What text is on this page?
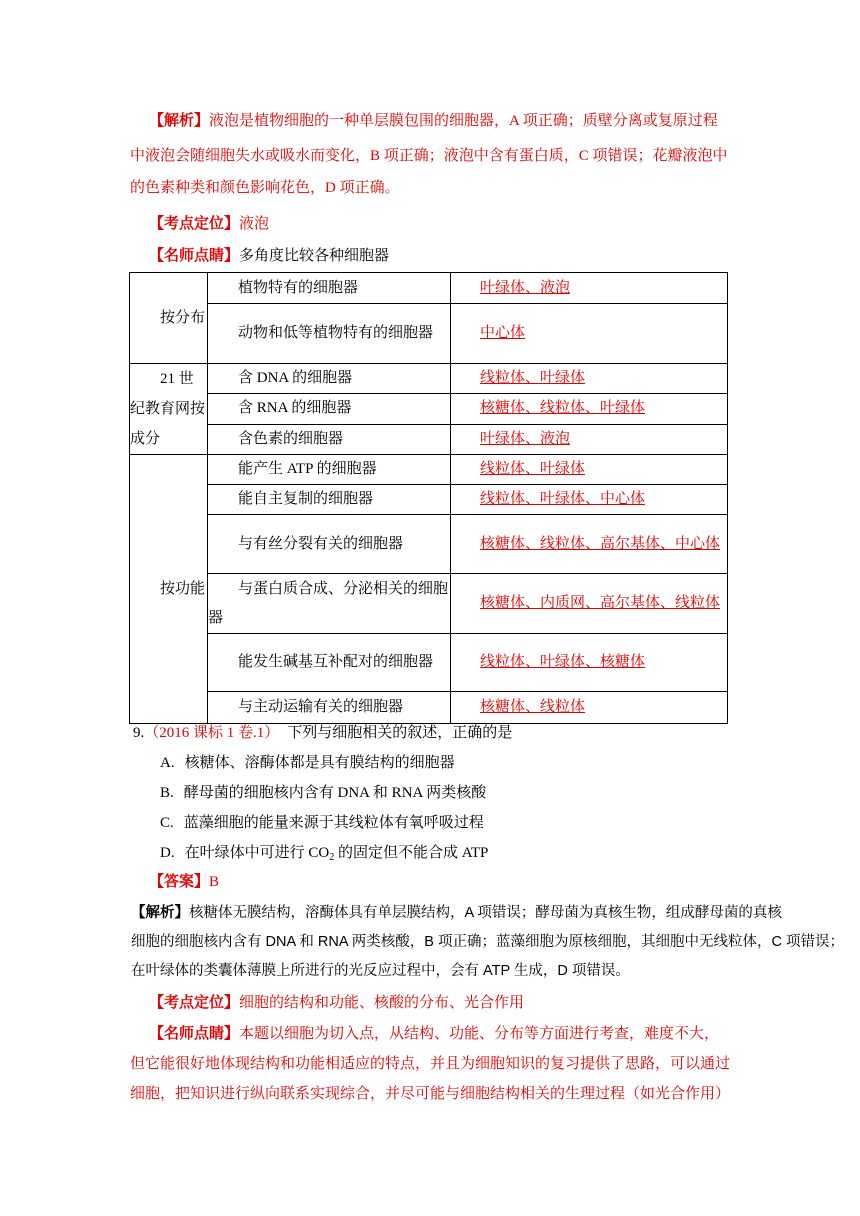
【解析】液泡是植物细胞的一种单层膜包围的细胞器，A 项正确；质壁分离或复原过程
中液泡会随细胞失水或吸水而变化，B 项正确；液泡中含有蛋白质，C 项错误；花瓣液泡中
的色素种类和颜色影响花色，D 项正确。
【考点定位】液泡
【名师点睛】多角度比较各种细胞器
按分布	植物特有的细胞器	叶绿体、液泡
	动物和低等植物特有的细胞器	中心体
21 世纪教育网按成分	含 DNA 的细胞器	线粒体、叶绿体
	含 RNA 的细胞器	核糖体、线粒体、叶绿体
	含色素的细胞器	叶绿体、液泡
按功能	能产生 ATP 的细胞器	线粒体、叶绿体
	能自主复制的细胞器	线粒体、叶绿体、中心体
	与有丝分裂有关的细胞器	核糖体、线粒体、高尔基体、中心体
	与蛋白质合成、分泌相关的细胞器	核糖体、内质网、高尔基体、线粒体
	能发生碱基互补配对的细胞器	线粒体、叶绿体、核糖体
	与主动运输有关的细胞器	核糖体、线粒体
9.（2016 课标 1 卷.1） 下列与细胞相关的叙述，正确的是
A. 核糖体、溶酶体都是具有膜结构的细胞器
B. 酵母菌的细胞核内含有 DNA 和 RNA 两类核酸
C. 蓝藻细胞的能量来源于其线粒体有氧呼吸过程
D. 在叶绿体中可进行 $CO_2$ 的固定但不能合成 ATP
【答案】B
【解析】核糖体无膜结构，溶酶体具有单层膜结构，A 项错误；酵母菌为真核生物，组成酵母菌的真核
细胞的细胞核内含有 DNA 和 RNA 两类核酸，B 项正确；蓝藻细胞为原核细胞，其细胞中无线粒体，C 项错误；
在叶绿体的类囊体薄膜上所进行的光反应过程中，会有 ATP 生成，D 项错误。
【考点定位】细胞的结构和功能、核酸的分布、光合作用
【名师点睛】本题以细胞为切入点，从结构、功能、分布等方面进行考查，难度不大，
但它能很好地体现结构和功能相适应的特点，并且为细胞知识的复习提供了思路，可以通过
细胞，把知识进行纵向联系实现综合，并尽可能与细胞结构相关的生理过程（如光合作用）
